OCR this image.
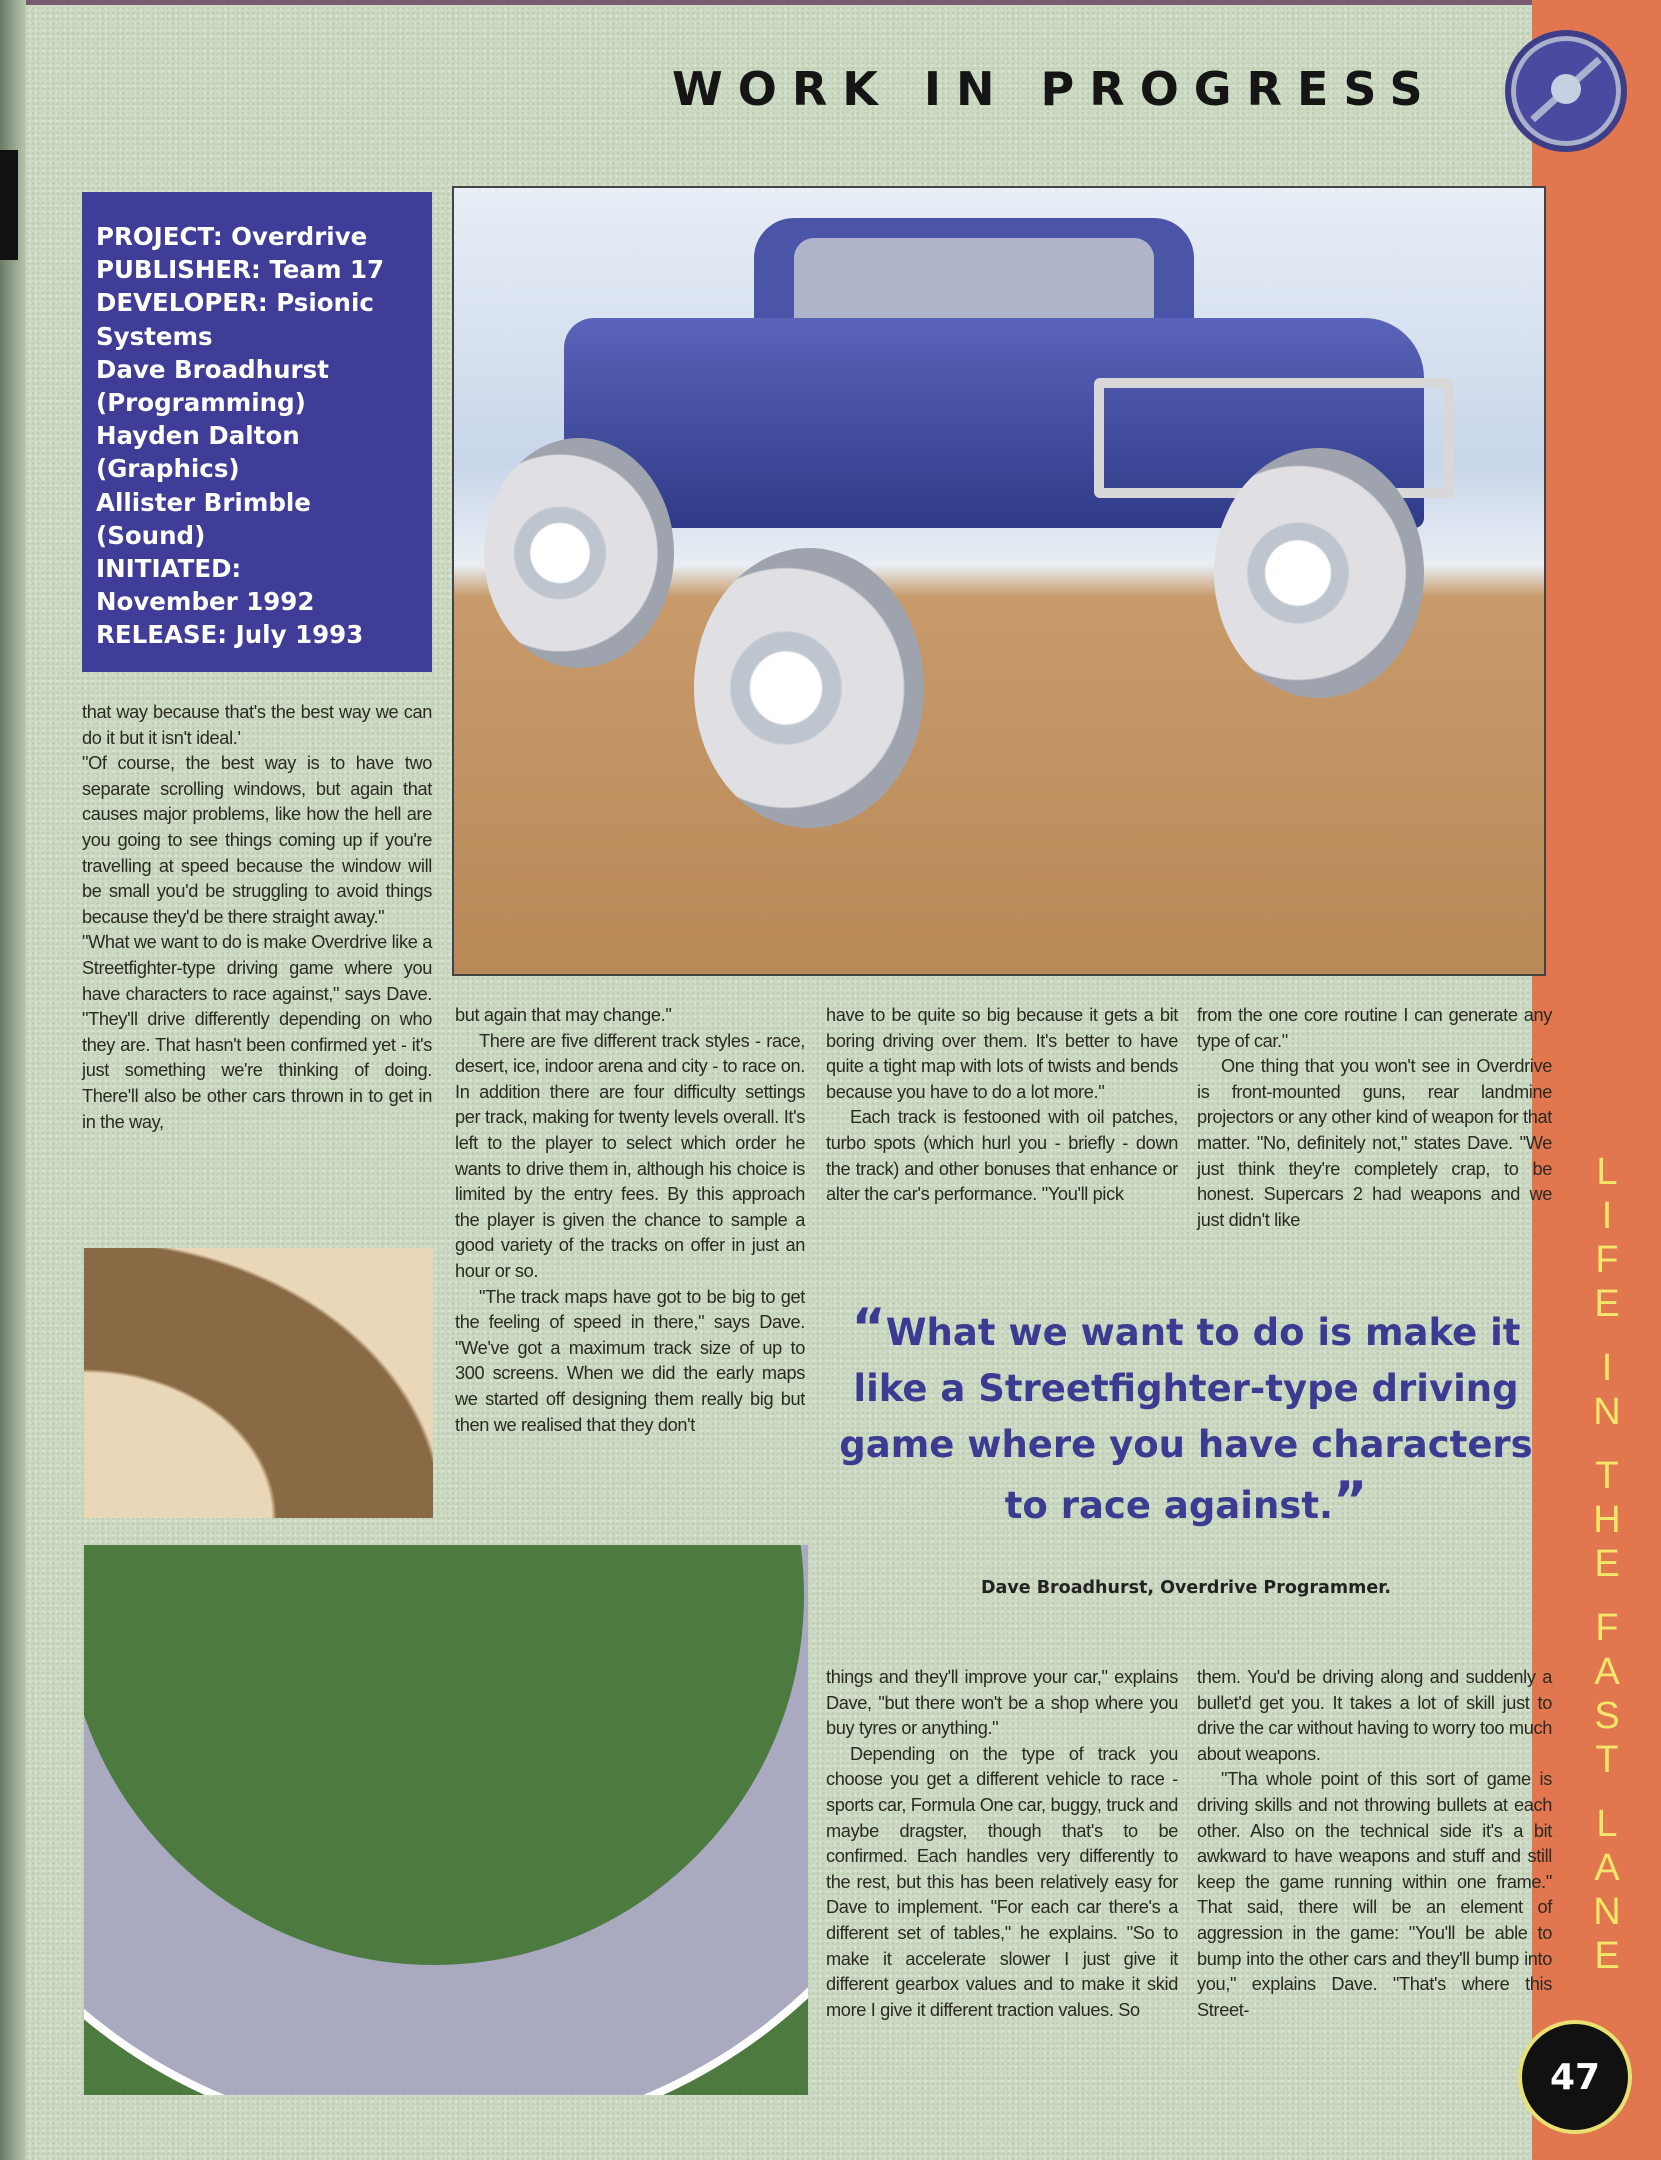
WORK IN PROGRESS
PROJECT: Overdrive
PUBLISHER: Team 17
DEVELOPER: Psionic Systems
Dave Broadhurst (Programming)
Hayden Dalton (Graphics)
Allister Brimble (Sound)
INITIATED:
November 1992
RELEASE: July 1993

that way because that's the best way we can do it but it isn't ideal.'

"Of course, the best way is to have two separate scrolling windows, but again that causes major problems, like how the hell are you going to see things coming up if you're travelling at speed because the window will be small you'd be struggling to avoid things because they'd be there straight away."

"What we want to do is make Overdrive like a Streetfighter-type driving game where you have characters to race against," says Dave. "They'll drive differently depending on who they are. That hasn't been confirmed yet - it's just something we're thinking of doing. There'll also be other cars thrown in to get in in the way,

but again that may change."

There are five different track styles - race, desert, ice, indoor arena and city - to race on. In addition there are four difficulty settings per track, making for twenty levels overall. It's left to the player to select which order he wants to drive them in, although his choice is limited by the entry fees. By this approach the player is given the chance to sample a good variety of the tracks on offer in just an hour or so.

"The track maps have got to be big to get the feeling of speed in there," says Dave. "We've got a maximum track size of up to 300 screens. When we did the early maps we started off designing them really big but then we realised that they don't

have to be quite so big because it gets a bit boring driving over them. It's better to have quite a tight map with lots of twists and bends because you have to do a lot more."

Each track is festooned with oil patches, turbo spots (which hurl you - briefly - down the track) and other bonuses that enhance or alter the car's performance. "You'll pick

from the one core routine I can generate any type of car."

One thing that you won't see in Overdrive is front-mounted guns, rear landmine projectors or any other kind of weapon for that matter. "No, definitely not," states Dave. "We just think they're completely crap, to be honest. Supercars 2 had weapons and we just didn't like

“What we want to do is make it like a Streetfighter-type driving game where you have characters to race against.”
Dave Broadhurst, Overdrive Programmer.

things and they'll improve your car," explains Dave, "but there won't be a shop where you buy tyres or anything."

Depending on the type of track you choose you get a different vehicle to race - sports car, Formula One car, buggy, truck and maybe dragster, though that's to be confirmed. Each handles very differently to the rest, but this has been relatively easy for Dave to implement. "For each car there's a different set of tables," he explains. "So to make it accelerate slower I just give it different gearbox values and to make it skid more I give it different traction values. So

them. You'd be driving along and suddenly a bullet'd get you. It takes a lot of skill just to drive the car without having to worry too much about weapons.

"Tha whole point of this sort of game is driving skills and not throwing bullets at each other. Also on the technical side it's a bit awkward to have weapons and stuff and still keep the game running within one frame." That said, there will be an element of aggression in the game: "You'll be able to bump into the other cars and they'll bump into you," explains Dave. "That's where this Street-

L
I
F
E
I
N
T
H
E
F
A
S
T
L
A
N
E
47
